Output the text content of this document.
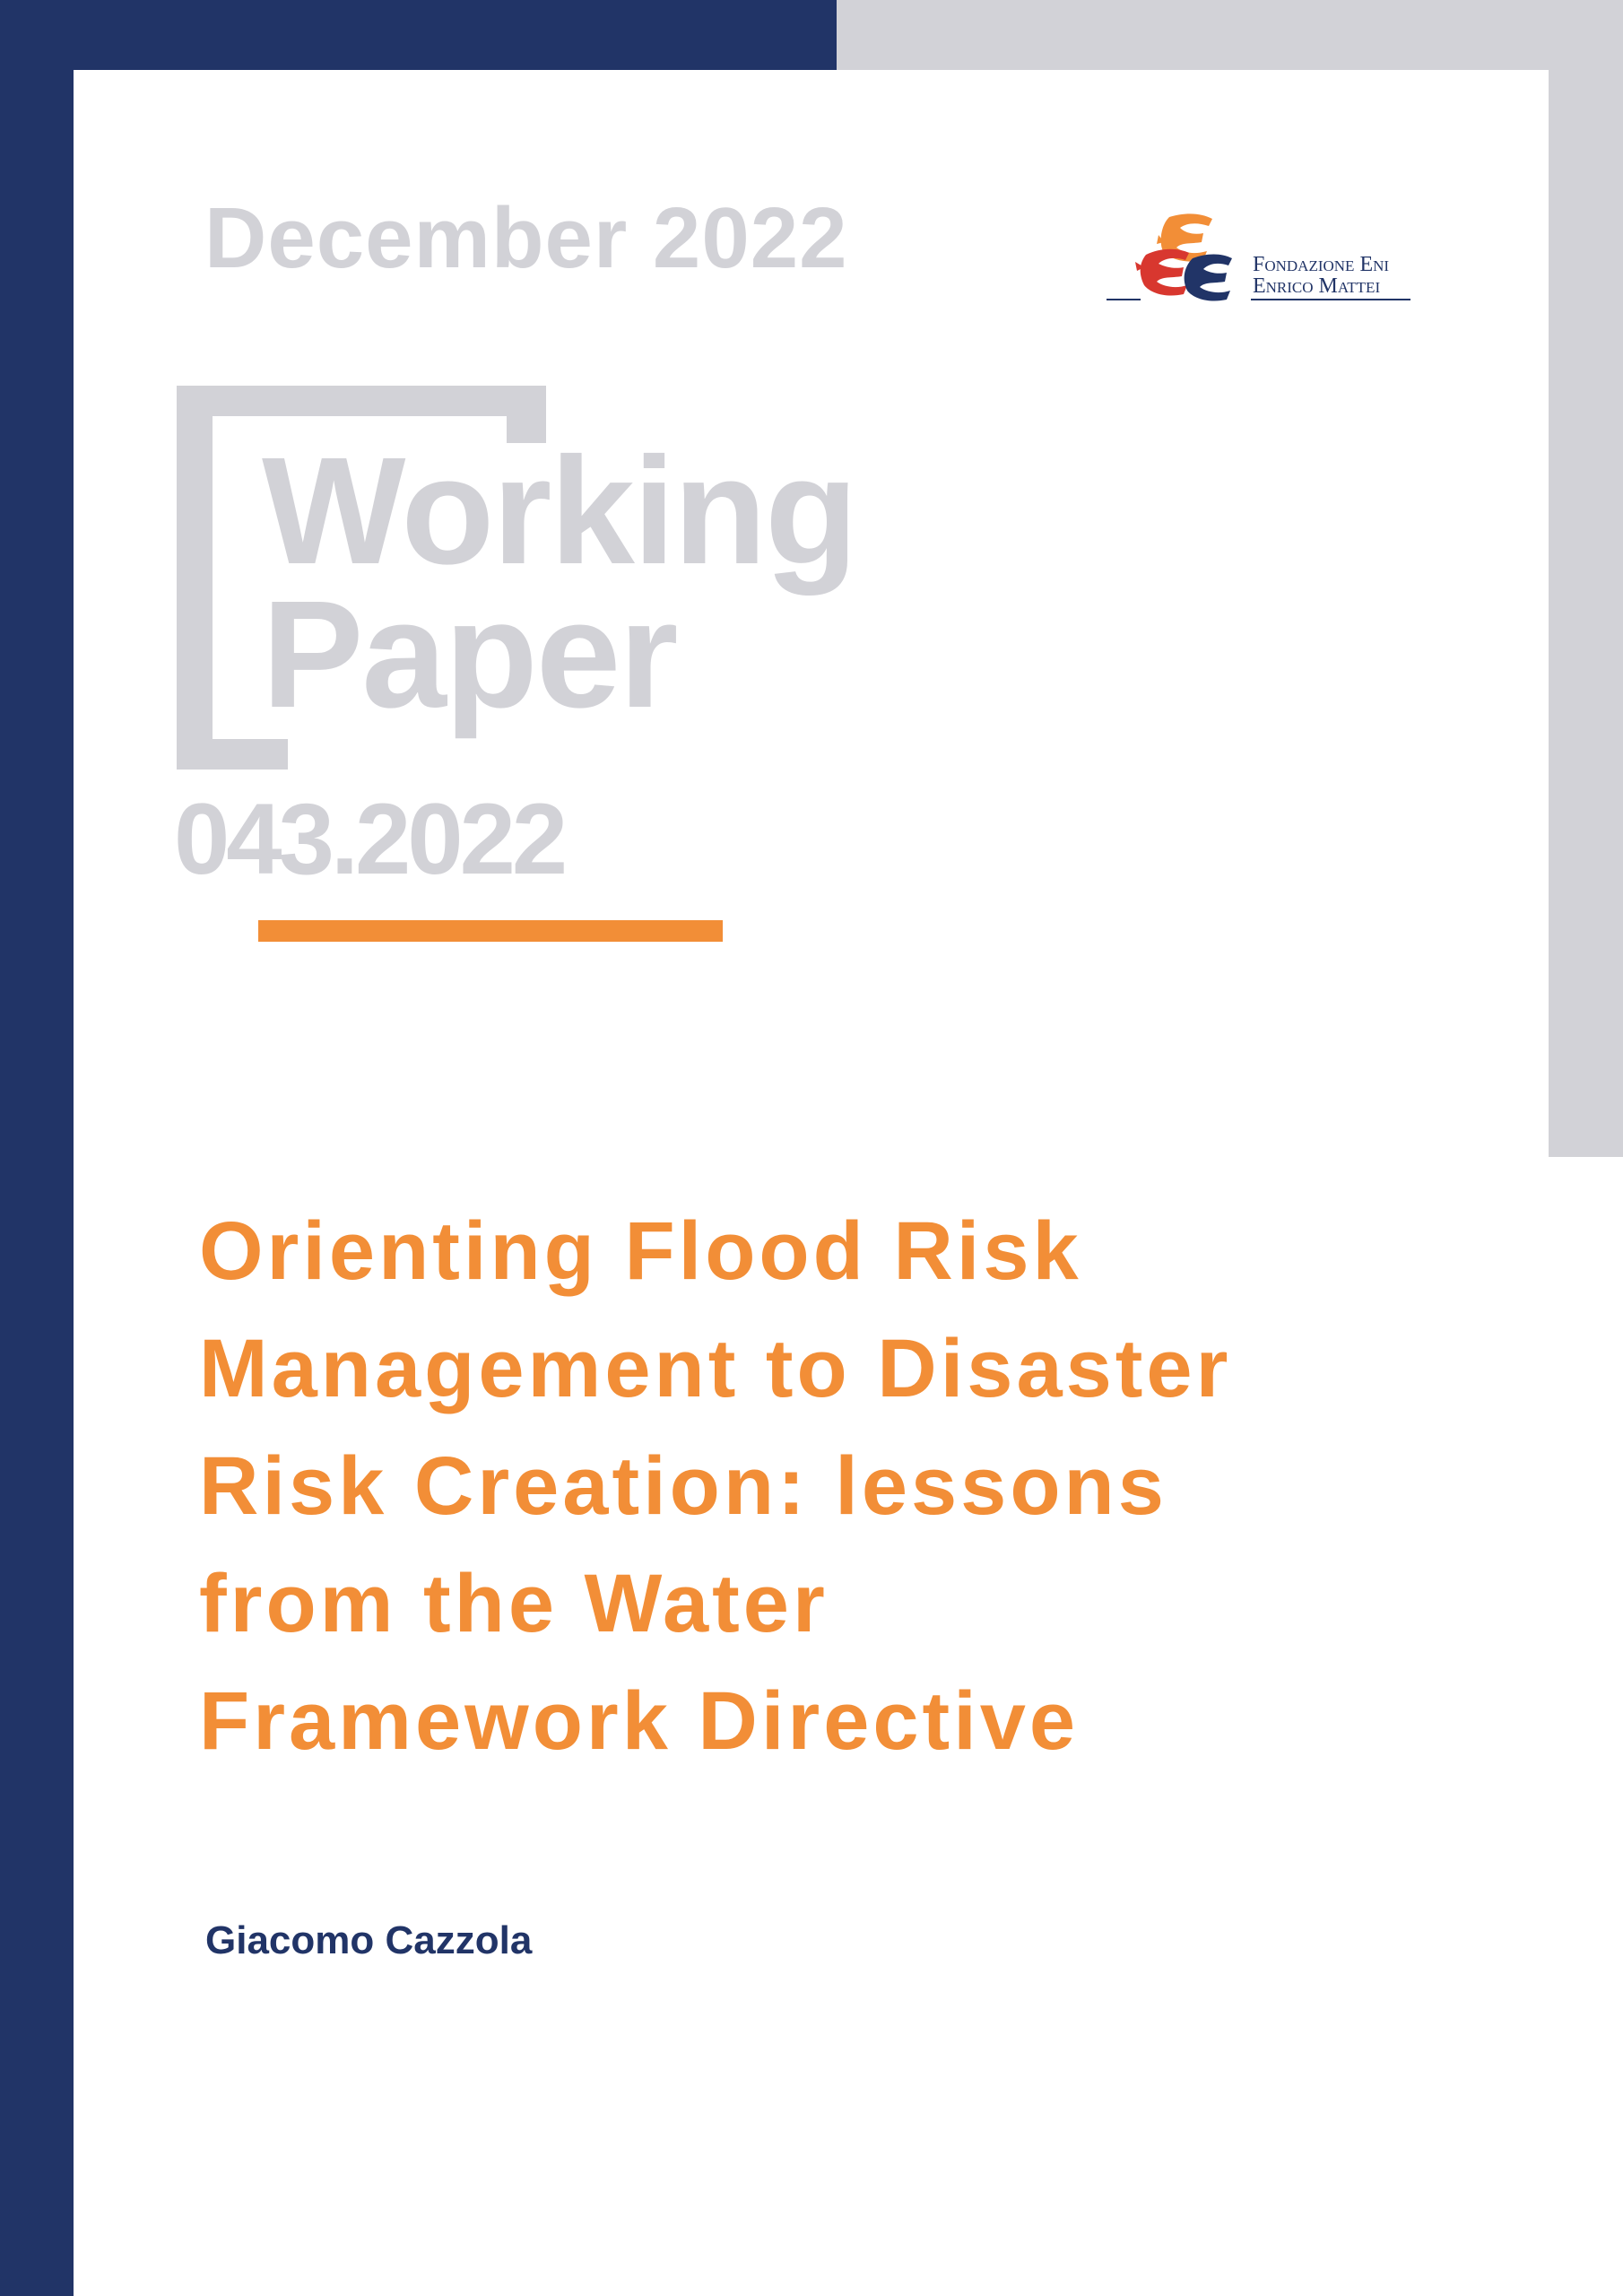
December 2022	Fondazione Eni
Enrico Mattei
Working
Paper
043.2022
Orienting Flood Risk
Management to Disaster
Risk Creation: lessons
from the Water
Framework Directive
Giacomo Cazzola
